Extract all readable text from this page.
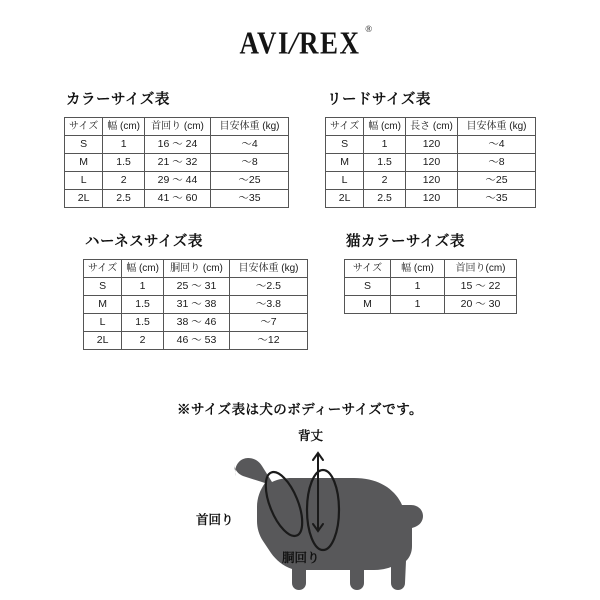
AVI/REX ®
カラーサイズ表
サイズ	幅 (cm)	首回り (cm)	目安体重 (kg)
S	1	16 〜 24	〜4
M	1.5	21 〜 32	〜8
L	2	29 〜 44	〜25
2L	2.5	41 〜 60	〜35
リードサイズ表
サイズ	幅 (cm)	長さ (cm)	目安体重 (kg)
S	1	120	〜4
M	1.5	120	〜8
L	2	120	〜25
2L	2.5	120	〜35
ハーネスサイズ表
サイズ	幅 (cm)	胴回り (cm)	目安体重 (kg)
S	1	25 〜 31	〜2.5
M	1.5	31 〜 38	〜3.8
L	1.5	38 〜 46	〜7
2L	2	46 〜 53	〜12
猫カラーサイズ表
サイズ	幅 (cm)	首回り(cm)
S	1	15 〜 22
M	1	20 〜 30
※サイズ表は犬のボディーサイズです。
背丈
首回り
胴回り
